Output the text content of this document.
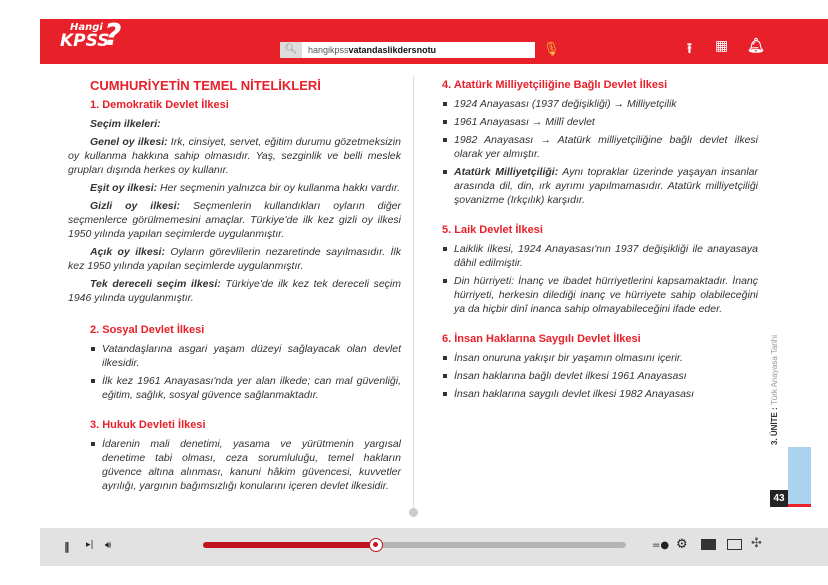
Hangi
KPSS
?	🔍︎	hangikpss vatandaslikdersnotu	🎙︎	⭱ ▦ 🔔︎
CUMHURİYETİN TEMEL NİTELİKLERİ
1. Demokratik Devlet İlkesi

Seçim ilkeleri:

Genel oy ilkesi: Irk, cinsiyet, servet, eğitim durumu gözetmeksizin oy kullanma hakkına sahip olmasıdır. Yaş, sezginlik ve belli meslek grupları dışında herkes oy kullanır.

Eşit oy ilkesi: Her seçmenin yalnızca bir oy kullanma hakkı vardır.

Gizli oy ilkesi: Seçmenlerin kullandıkları oyların diğer seçmenlerce görülmemesini amaçlar. Türkiye'de ilk kez gizli oy ilkesi 1950 yılında yapılan seçimlerde uygulanmıştır.

Açık oy ilkesi: Oyların görevlilerin nezaretinde sayılmasıdır. İlk kez 1950 yılında yapılan seçimlerde uygulanmıştır.

Tek dereceli seçim ilkesi: Türkiye'de ilk kez tek dereceli seçim 1946 yılında uygulanmıştır.

2. Sosyal Devlet İlkesi
Vatandaşlarına asgari yaşam düzeyi sağlayacak olan devlet ilkesidir.
İlk kez 1961 Anayasası'nda yer alan ilkede; can mal güvenliği, eğitim, sağlık, sosyal güvence sağlanmaktadır.
3. Hukuk Devleti İlkesi
İdarenin mali denetimi, yasama ve yürütmenin yargısal denetime tabi olması, ceza sorumluluğu, temel hakların güvence altına alınması, kanuni hâkim güvencesi, kuvvetler ayrılığı, yargının bağımsızlığı konularını içeren devlet ilkesidir.
4. Atatürk Milliyetçiliğine Bağlı Devlet İlkesi
1924 Anayasası (1937 değişikliği) → Milliyetçilik
1961 Anayasası → Millî devlet
1982 Anayasası → Atatürk milliyetçiliğine bağlı devlet ilkesi olarak yer almıştır.
Atatürk Milliyetçiliği: Aynı topraklar üzerinde yaşayan insanlar arasında dil, din, ırk ayrımı yapılmamasıdır. Atatürk milliyetçiliği şovanizme (Irkçılık) karşıdır.
5. Laik Devlet İlkesi
Laiklik ilkesi, 1924 Anayasası'nın 1937 değişikliği ile anayasaya dâhil edilmiştir.
Din hürriyeti: İnanç ve ibadet hürriyetlerini kapsamaktadır. İnanç hürriyeti, herkesin dilediği inanç ve hürriyete sahip olabileceğini ya da hiçbir dinî inanca sahip olmayabileceğini ifade eder.
6. İnsan Haklarına Saygılı Devlet İlkesi
İnsan onuruna yakışır bir yaşamın olmasını içerir.
İnsan haklarına bağlı devlet ilkesi 1961 Anayasası
İnsan haklarına saygılı devlet ilkesi 1982 Anayasası
3. ÜNİTE : Türk Anayasa Tarihi
43
‖ ▸| 🔊︎	=● ⚙︎	✣
